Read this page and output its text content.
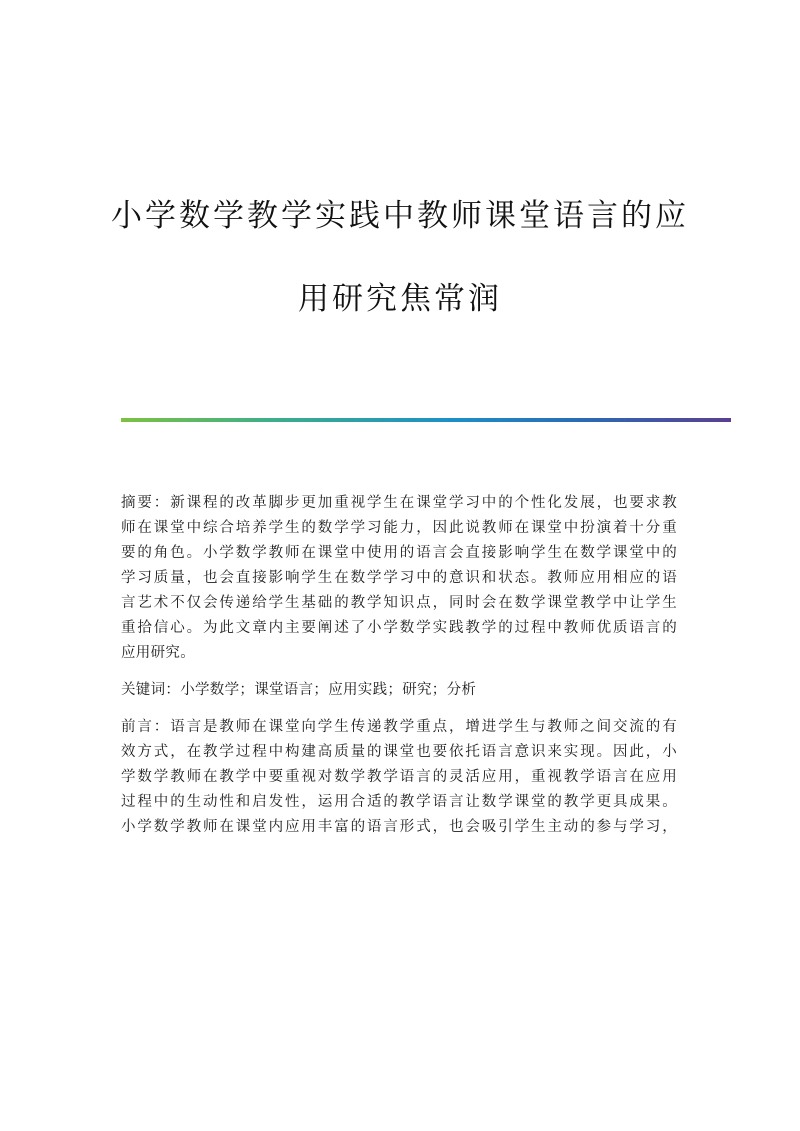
小学数学教学实践中教师课堂语言的应
用研究焦常润
摘要：新课程的改革脚步更加重视学生在课堂学习中的个性化发展，也要求教
师在课堂中综合培养学生的数学学习能力，因此说教师在课堂中扮演着十分重
要的角色。小学数学教师在课堂中使用的语言会直接影响学生在数学课堂中的
学习质量，也会直接影响学生在数学学习中的意识和状态。教师应用相应的语
言艺术不仅会传递给学生基础的教学知识点，同时会在数学课堂教学中让学生
重拾信心。为此文章内主要阐述了小学数学实践教学的过程中教师优质语言的
应用研究。
关键词：小学数学；课堂语言；应用实践；研究；分析
前言：语言是教师在课堂向学生传递教学重点，增进学生与教师之间交流的有
效方式，在教学过程中构建高质量的课堂也要依托语言意识来实现。因此，小
学数学教师在教学中要重视对数学教学语言的灵活应用，重视教学语言在应用
过程中的生动性和启发性，运用合适的教学语言让数学课堂的教学更具成果。
小学数学教师在课堂内应用丰富的语言形式，也会吸引学生主动的参与学习，
